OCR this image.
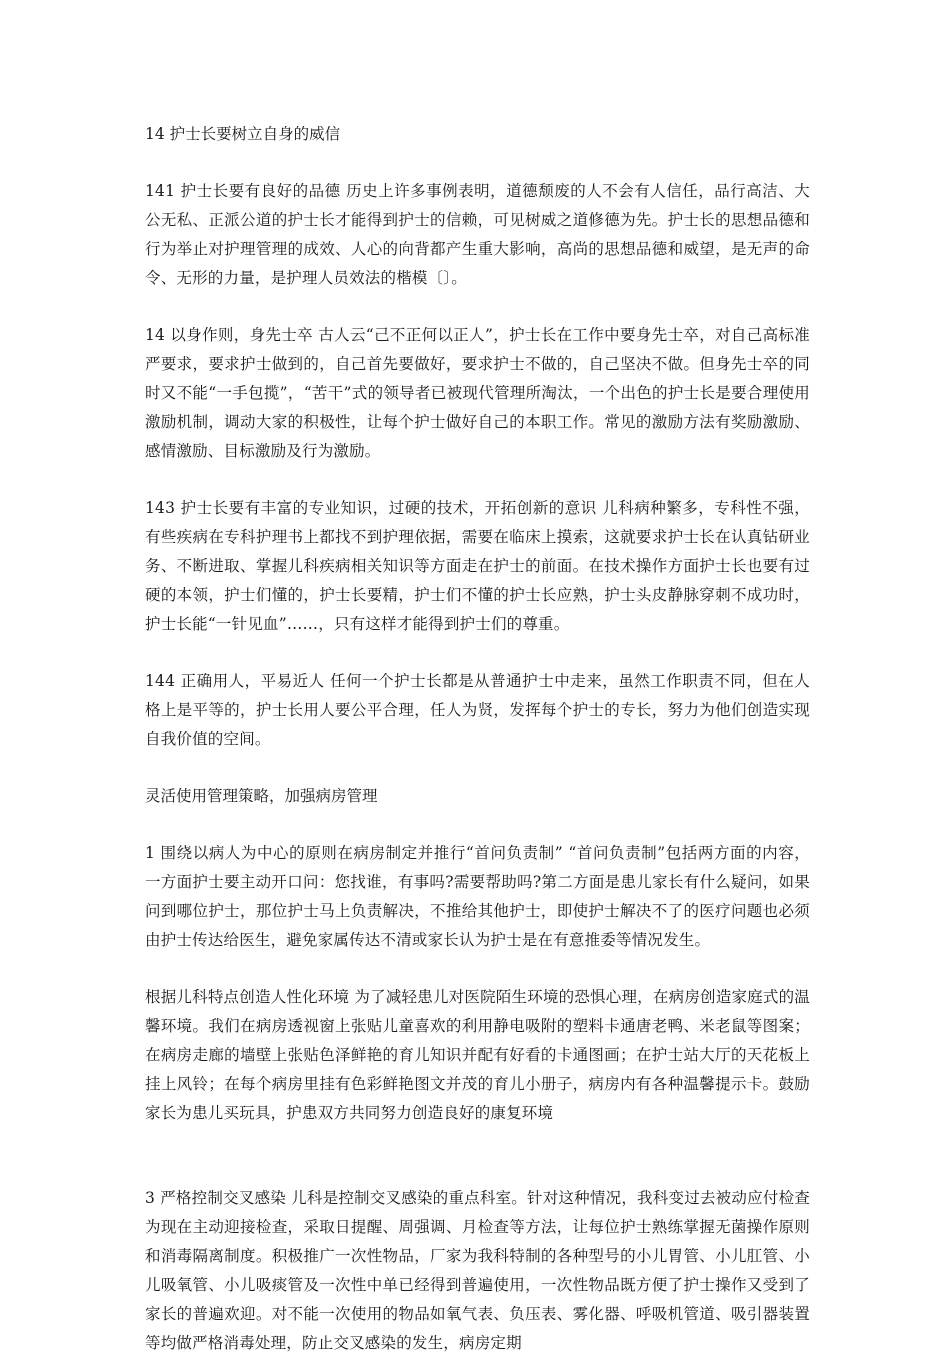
14 护士长要树立自身的威信

141 护士长要有良好的品德 历史上许多事例表明，道德颓废的人不会有人信任，品行高洁、大公无私、正派公道的护士长才能得到护士的信赖，可见树威之道修德为先。护士长的思想品德和行为举止对护理管理的成效、人心的向背都产生重大影响，高尚的思想品德和威望，是无声的命令、无形的力量，是护理人员效法的楷模〔〕。

14 以身作则，身先士卒 古人云“己不正何以正人”，护士长在工作中要身先士卒，对自己高标准严要求，要求护士做到的，自己首先要做好，要求护士不做的，自己坚决不做。但身先士卒的同时又不能“一手包揽”，“苦干”式的领导者已被现代管理所淘汰，一个出色的护士长是要合理使用激励机制，调动大家的积极性，让每个护士做好自己的本职工作。常见的激励方法有奖励激励、感情激励、目标激励及行为激励。

143 护士长要有丰富的专业知识，过硬的技术，开拓创新的意识 儿科病种繁多，专科性不强，有些疾病在专科护理书上都找不到护理依据，需要在临床上摸索，这就要求护士长在认真钻研业务、不断进取、掌握儿科疾病相关知识等方面走在护士的前面。在技术操作方面护士长也要有过硬的本领，护士们懂的，护士长要精，护士们不懂的护士长应熟，护士头皮静脉穿刺不成功时，护士长能“一针见血”……，只有这样才能得到护士们的尊重。

144 正确用人，平易近人 任何一个护士长都是从普通护士中走来，虽然工作职责不同，但在人格上是平等的，护士长用人要公平合理，任人为贤，发挥每个护士的专长，努力为他们创造实现自我价值的空间。

灵活使用管理策略，加强病房管理

1 围绕以病人为中心的原则在病房制定并推行“首问负责制” “首问负责制”包括两方面的内容，一方面护士要主动开口问：您找谁，有事吗?需要帮助吗?第二方面是患儿家长有什么疑问，如果问到哪位护士，那位护士马上负责解决，不推给其他护士，即使护士解决不了的医疗问题也必须由护士传达给医生，避免家属传达不清或家长认为护士是在有意推委等情况发生。

根据儿科特点创造人性化环境 为了减轻患儿对医院陌生环境的恐惧心理，在病房创造家庭式的温馨环境。我们在病房透视窗上张贴儿童喜欢的利用静电吸附的塑料卡通唐老鸭、米老鼠等图案；在病房走廊的墙壁上张贴色泽鲜艳的育儿知识并配有好看的卡通图画；在护士站大厅的天花板上挂上风铃；在每个病房里挂有色彩鲜艳图文并茂的育儿小册子，病房内有各种温馨提示卡。鼓励家长为患儿买玩具，护患双方共同努力创造良好的康复环境

3 严格控制交叉感染 儿科是控制交叉感染的重点科室。针对这种情况，我科变过去被动应付检查为现在主动迎接检查，采取日提醒、周强调、月检查等方法，让每位护士熟练掌握无菌操作原则和消毒隔离制度。积极推广一次性物品，厂家为我科特制的各种型号的小儿胃管、小儿肛管、小儿吸氧管、小儿吸痰管及一次性中单已经得到普遍使用，一次性物品既方便了护士操作又受到了家长的普遍欢迎。对不能一次使用的物品如氧气表、负压表、雾化器、呼吸机管道、吸引器装置等均做严格消毒处理，防止交叉感染的发生，病房定期
